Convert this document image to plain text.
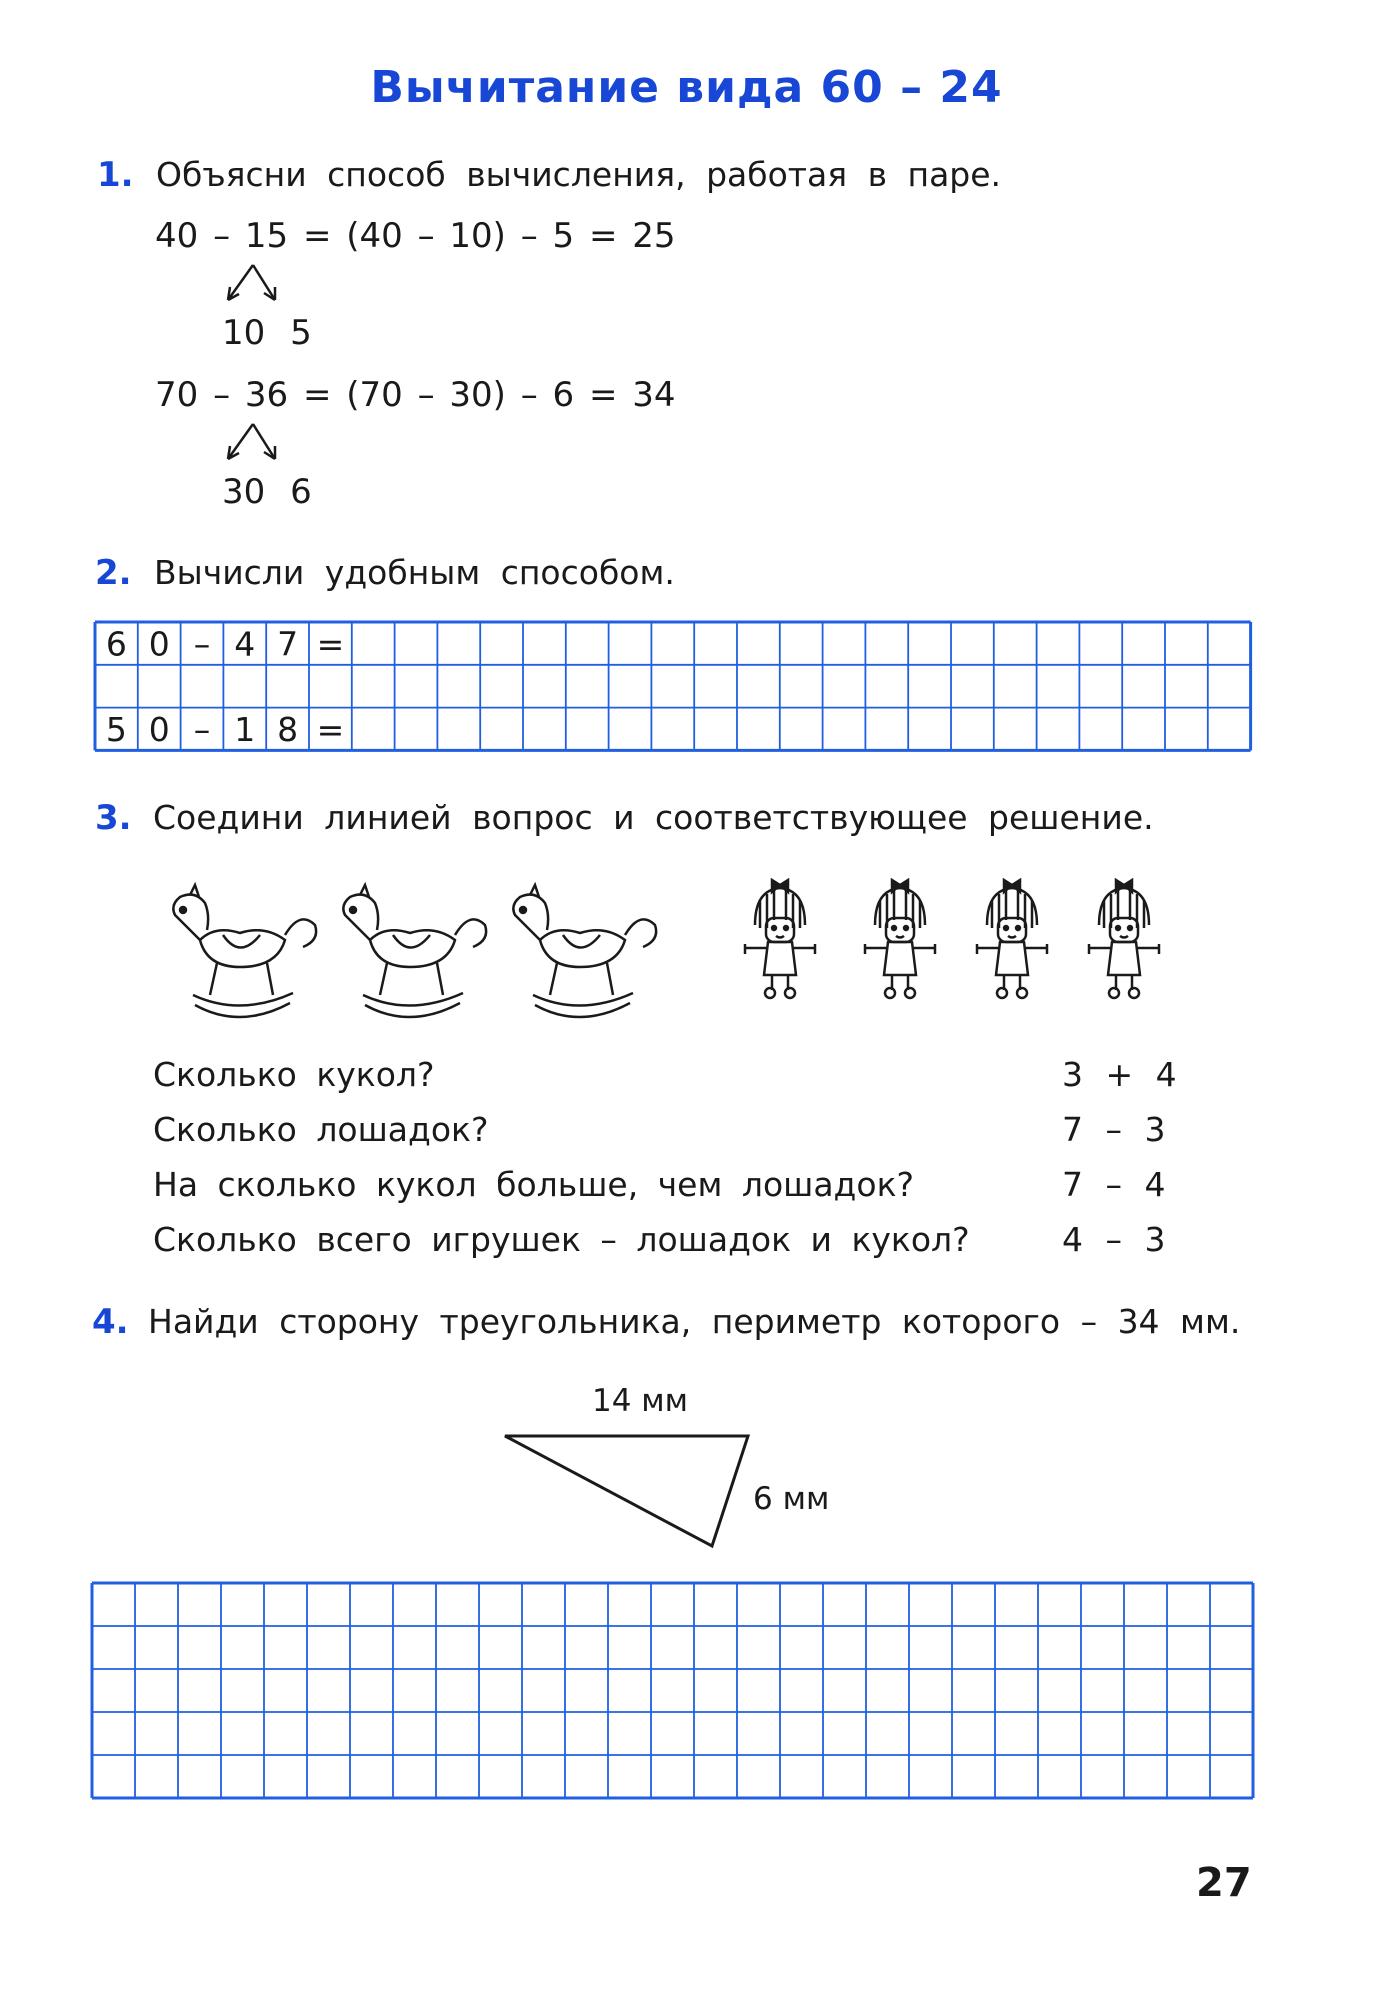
Вычитание вида 60 – 24
1. Объясни способ вычисления, работая в паре.
40 – 15 = (40 – 10) – 5 = 25
10 5
70 – 36 = (70 – 30) – 6 = 34
30 6
2. Вычисли удобным способом.
3. Соедини линией вопрос и соответствующее решение.
Сколько кукол?
Сколько лошадок?
На сколько кукол больше, чем лошадок?
Сколько всего игрушек – лошадок и кукол?
3 + 4
7 – 3
7 – 4
4 – 3
4. Найди сторону треугольника, периметр которого – 34 мм.
14 мм
6 мм
27
6 0 – 4 7 =
5 0 – 1 8 =
